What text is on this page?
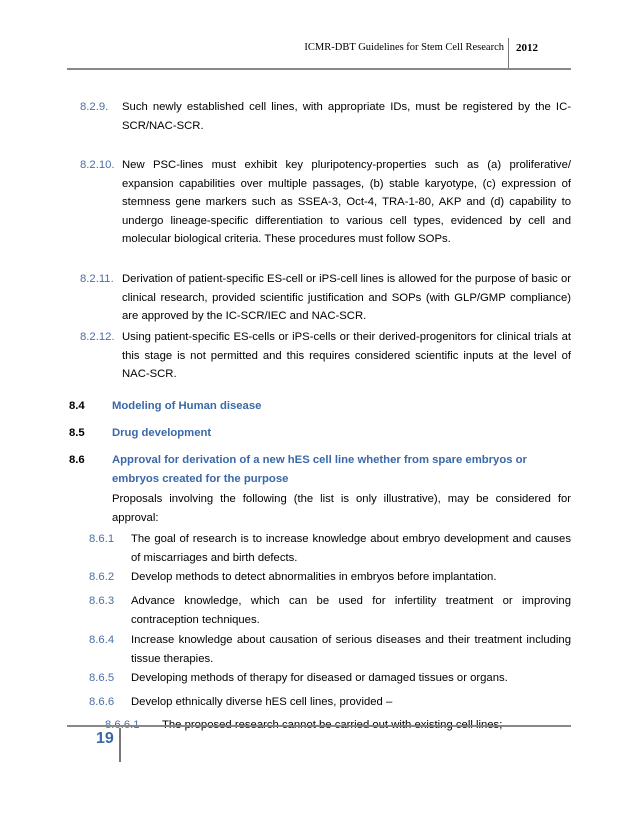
ICMR-DBT Guidelines for Stem Cell Research 2012
8.2.9. Such newly established cell lines, with appropriate IDs, must be registered by the IC-SCR/NAC-SCR.
8.2.10. New PSC-lines must exhibit key pluripotency-properties such as (a) proliferative/ expansion capabilities over multiple passages, (b) stable karyotype, (c) expression of stemness gene markers such as SSEA-3, Oct-4, TRA-1-80, AKP and (d) capability to undergo lineage-specific differentiation to various cell types, evidenced by cell and molecular biological criteria. These procedures must follow SOPs.
8.2.11. Derivation of patient-specific ES-cell or iPS-cell lines is allowed for the purpose of basic or clinical research, provided scientific justification and SOPs (with GLP/GMP compliance) are approved by the IC-SCR/IEC and NAC-SCR.
8.2.12. Using patient-specific ES-cells or iPS-cells or their derived-progenitors for clinical trials at this stage is not permitted and this requires considered scientific inputs at the level of NAC-SCR.
8.4 Modeling of Human disease
8.5 Drug development
8.6 Approval for derivation of a new hES cell line whether from spare embryos or embryos created for the purpose
Proposals involving the following (the list is only illustrative), may be considered for approval:
8.6.1 The goal of research is to increase knowledge about embryo development and causes of miscarriages and birth defects.
8.6.2 Develop methods to detect abnormalities in embryos before implantation.
8.6.3 Advance knowledge, which can be used for infertility treatment or improving contraception techniques.
8.6.4 Increase knowledge about causation of serious diseases and their treatment including tissue therapies.
8.6.5 Developing methods of therapy for diseased or damaged tissues or organs.
8.6.6 Develop ethnically diverse hES cell lines, provided –
19
